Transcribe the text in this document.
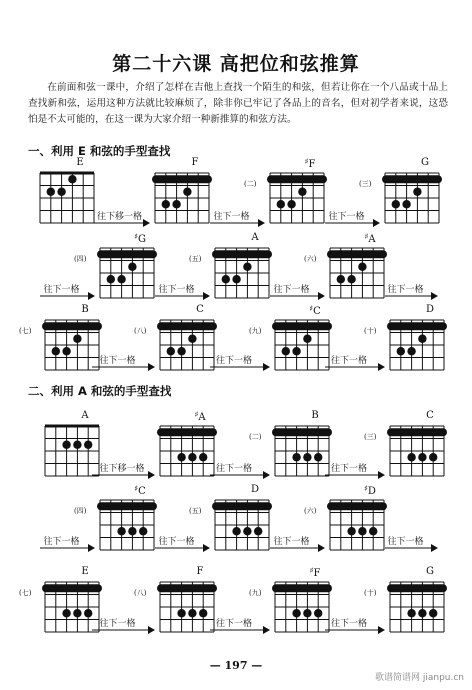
第二十六课 高把位和弦推算
在前面和弦一课中，介绍了怎样在吉他上查找一个陌生的和弦，但若让你在一个八品或十品上查找新和弦，运用这种方法就比较麻烦了，除非你已牢记了各品上的音名，但对初学者来说，这恐怕是不太可能的，在这一课为大家介绍一种新推算的和弦方法。
一、利用 E 和弦的手型查找
二、利用 A 和弦的手型查找
E	F	♯F
(二)
G
(三)
♯G
(四)
A
(五)
♯A
(六)
B
(七)
C
(八)
♯C
(九)
D
(十)
往下移一格	往下一格	往下一格
往下一格	往下一格	往下一格	往下一格
往下一格	往下一格	往下一格
A	♯A	B
(二)
C
(三)
♯C
(四)
D
(五)
♯D
(六)
E
(七)
F
(八)
♯F
(九)
G
(十)
往下移一格	往下一格	往下一格
往下一格	往下一格	往下一格	往下一格
往下一格	往下一格	往下一格
— 197 —
歌谱简谱网 jianpu.cn
